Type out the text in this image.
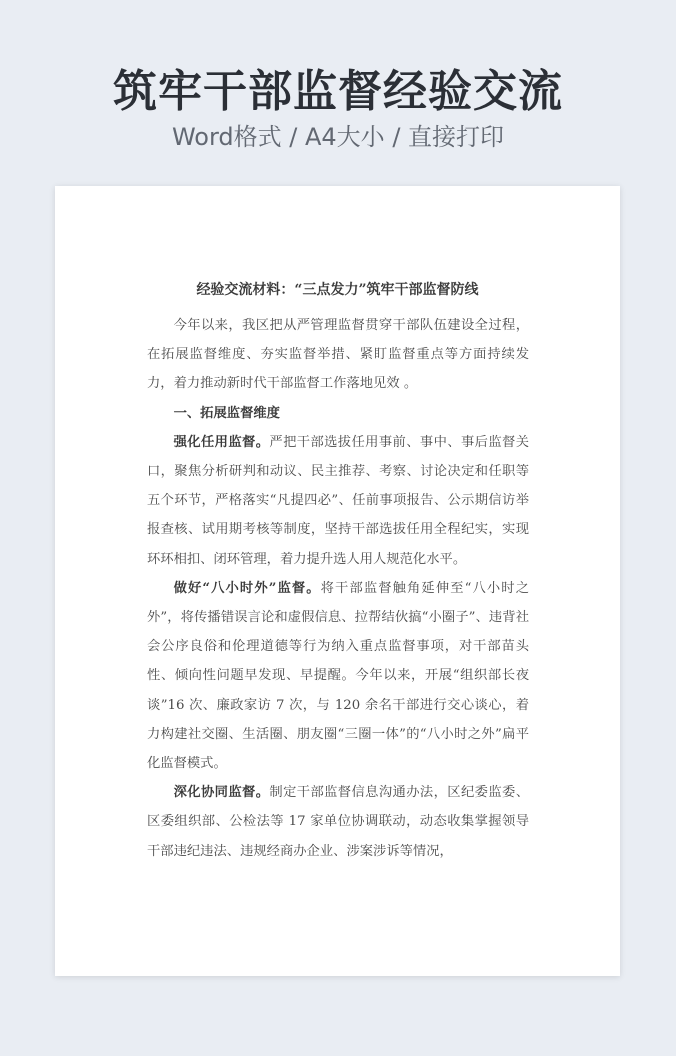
筑牢干部监督经验交流
Word格式 / A4大小 / 直接打印
经验交流材料：“三点发力”筑牢干部监督防线

今年以来，我区把从严管理监督贯穿干部队伍建设全过程，在拓展监督维度、夯实监督举措、紧盯监督重点等方面持续发力，着力推动新时代干部监督工作落地见效 。

一、拓展监督维度

强化任用监督。严把干部选拔任用事前、事中、事后监督关口，聚焦分析研判和动议、民主推荐、考察、讨论决定和任职等五个环节，严格落实“凡提四必”、任前事项报告、公示期信访举报查核、试用期考核等制度，坚持干部选拔任用全程纪实，实现环环相扣、闭环管理，着力提升选人用人规范化水平。

做好“八小时外”监督。将干部监督触角延伸至“八小时之外”，将传播错误言论和虚假信息、拉帮结伙搞“小圈子”、违背社会公序良俗和伦理道德等行为纳入重点监督事项，对干部苗头性、倾向性问题早发现、早提醒。今年以来，开展“组织部长夜谈”16 次、廉政家访 7 次，与 120 余名干部进行交心谈心，着力构建社交圈、生活圈、朋友圈“三圈一体”的“八小时之外”扁平化监督模式。

深化协同监督。制定干部监督信息沟通办法，区纪委监委、区委组织部、公检法等 17 家单位协调联动，动态收集掌握领导干部违纪违法、违规经商办企业、涉案涉诉等情况，
